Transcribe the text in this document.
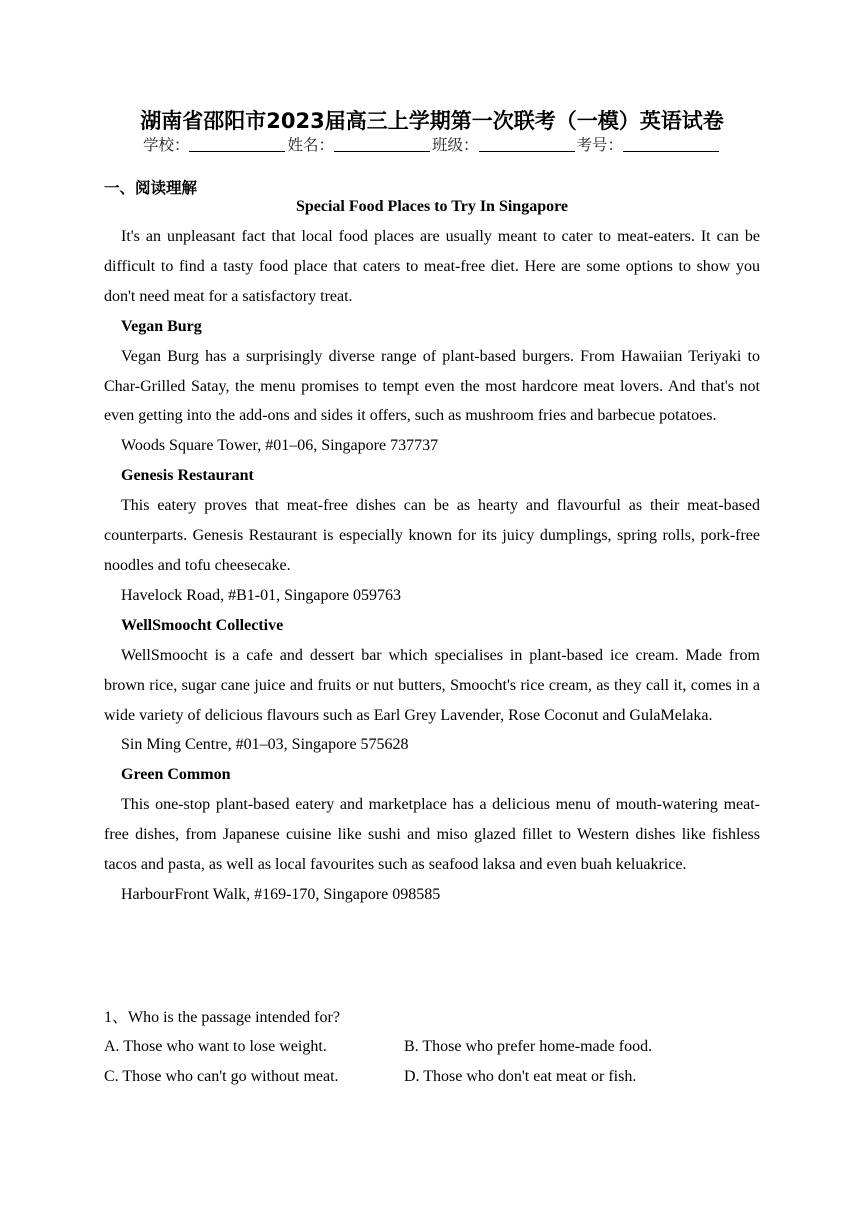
湖南省邵阳市2023届高三上学期第一次联考（一模）英语试卷
学校：	姓名：	班级：	考号：
一、阅读理解
Special Food Places to Try In Singapore

It's an unpleasant fact that local food places are usually meant to cater to meat-eaters. It can be difficult to find a tasty food place that caters to meat-free diet. Here are some options to show you don't need meat for a satisfactory treat.

Vegan Burg

Vegan Burg has a surprisingly diverse range of plant-based burgers. From Hawaiian Teriyaki to Char-Grilled Satay, the menu promises to tempt even the most hardcore meat lovers. And that's not even getting into the add-ons and sides it offers, such as mushroom fries and barbecue potatoes.

Woods Square Tower, #01–06, Singapore 737737

Genesis Restaurant

This eatery proves that meat-free dishes can be as hearty and flavourful as their meat-based counterparts. Genesis Restaurant is especially known for its juicy dumplings, spring rolls, pork-free noodles and tofu cheesecake.

Havelock Road, #B1-01, Singapore 059763

WellSmoocht Collective

WellSmoocht is a cafe and dessert bar which specialises in plant-based ice cream. Made from brown rice, sugar cane juice and fruits or nut butters, Smoocht's rice cream, as they call it, comes in a wide variety of delicious flavours such as Earl Grey Lavender, Rose Coconut and GulaMelaka.

Sin Ming Centre, #01–03, Singapore 575628

Green Common

This one-stop plant-based eatery and marketplace has a delicious menu of mouth-watering meat-free dishes, from Japanese cuisine like sushi and miso glazed fillet to Western dishes like fishless tacos and pasta, as well as local favourites such as seafood laksa and even buah keluakrice.

HarbourFront Walk, #169-170, Singapore 098585

1、Who is the passage intended for?
A. Those who want to lose weight.	B. Those who prefer home-made food.
C. Those who can't go without meat.	D. Those who don't eat meat or fish.
